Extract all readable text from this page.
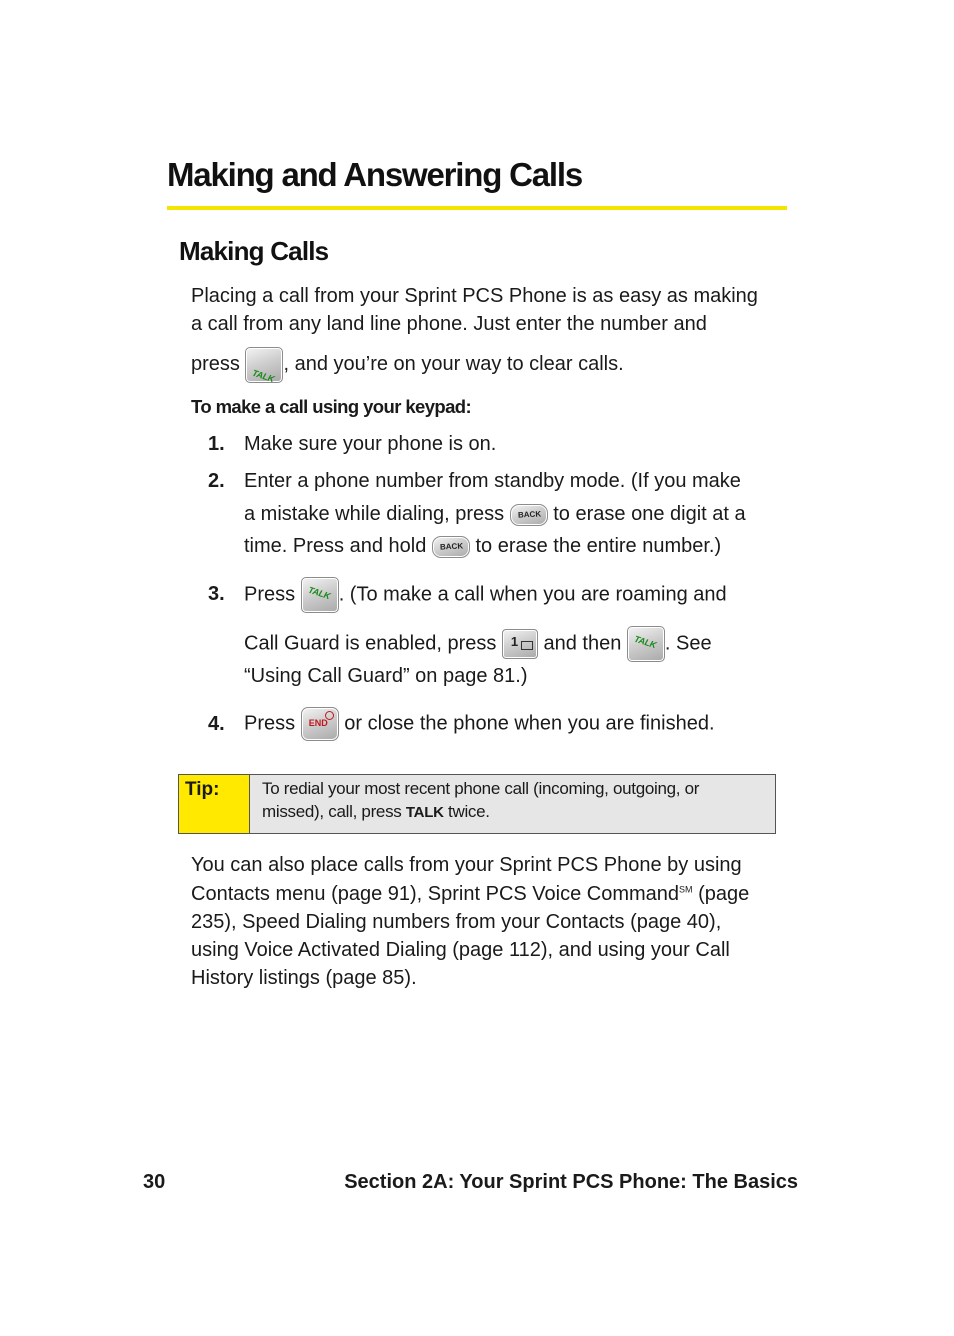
Making and Answering Calls
Making Calls

Placing a call from your Sprint PCS Phone is as easy as making

a call from any land line phone. Just enter the number and

press
TALK
, and you’re on your way to clear calls.

To make a call using your keypad:

1. Make sure your phone is on.
2. Enter a phone number from standby mode. (If you make
a mistake while dialing, press BACK to erase one digit at a
time. Press and hold BACK to erase the entire number.)
3. Press TALK . (To make a call when you are roaming and
Call Guard is enabled, press 1 and then TALK . See
“Using Call Guard” on page 81.)
4. Press END or close the phone when you are finished.
Tip:	To redial your most recent phone call (incoming, outgoing, or
missed), call, press TALK twice.

You can also place calls from your Sprint PCS Phone by using

Contacts menu (page 91), Sprint PCS Voice Command℠ (page

235), Speed Dialing numbers from your Contacts (page 40),

using Voice Activated Dialing (page 112), and using your Call

History listings (page 85).

30	Section 2A: Your Sprint PCS Phone: The Basics
